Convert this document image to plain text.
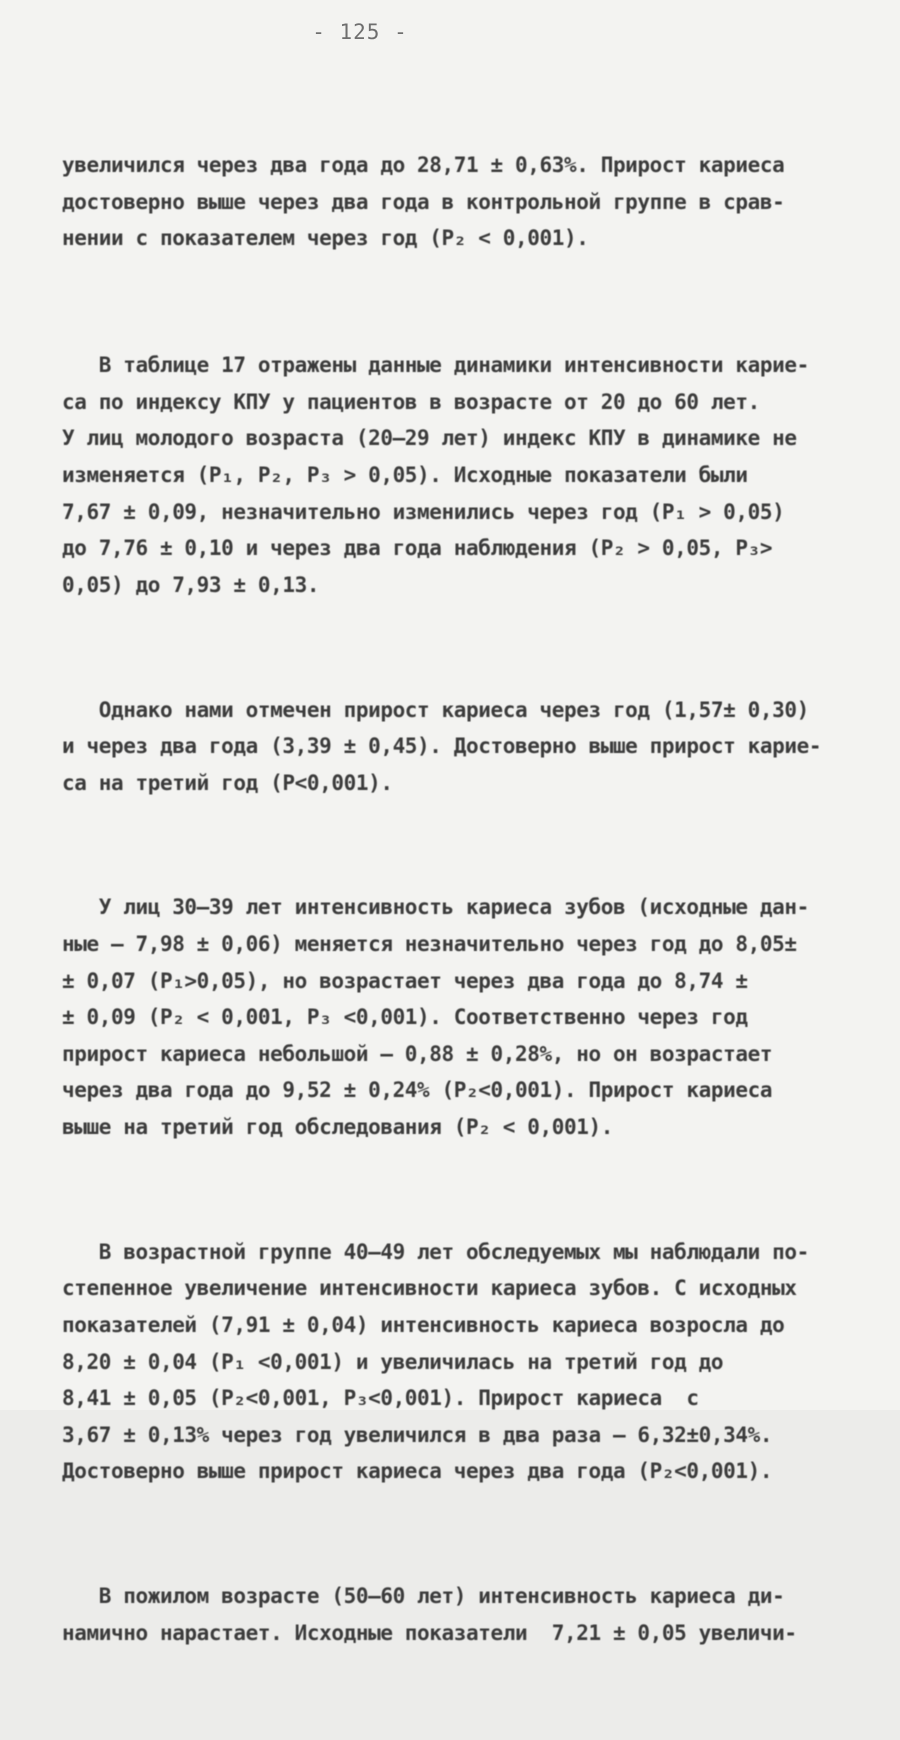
- 125 -

увеличился через два года до 28,71 ± 0,63%. Прирост кариеса
достоверно выше через два года в контрольной группе в срав-
нении с показателем через год (P₂ < 0,001).

В таблице 17 отражены данные динамики интенсивности карие-
са по индексу КПУ у пациентов в возрасте от 20 до 60 лет.
У лиц молодого возраста (20–29 лет) индекс КПУ в динамике не
изменяется (P₁, P₂, P₃ > 0,05). Исходные показатели были
7,67 ± 0,09, незначительно изменились через год (P₁ > 0,05)
до 7,76 ± 0,10 и через два года наблюдения (P₂ > 0,05, P₃>
0,05) до 7,93 ± 0,13.

Однако нами отмечен прирост кариеса через год (1,57± 0,30)
и через два года (3,39 ± 0,45). Достоверно выше прирост карие-
са на третий год (P<0,001).

У лиц 30–39 лет интенсивность кариеса зубов (исходные дан-
ные – 7,98 ± 0,06) меняется незначительно через год до 8,05±
± 0,07 (P₁>0,05), но возрастает через два года до 8,74 ±
± 0,09 (P₂ < 0,001, P₃ <0,001). Соответственно через год
прирост кариеса небольшой – 0,88 ± 0,28%, но он возрастает
через два года до 9,52 ± 0,24% (P₂<0,001). Прирост кариеса
выше на третий год обследования (P₂ < 0,001).

В возрастной группе 40–49 лет обследуемых мы наблюдали по-
степенное увеличение интенсивности кариеса зубов. С исходных
показателей (7,91 ± 0,04) интенсивность кариеса возросла до
8,20 ± 0,04 (P₁ <0,001) и увеличилась на третий год до
8,41 ± 0,05 (P₂<0,001, P₃<0,001). Прирост кариеса  с
3,67 ± 0,13% через год увеличился в два раза – 6,32±0,34%.
Достоверно выше прирост кариеса через два года (P₂<0,001).

В пожилом возрасте (50–60 лет) интенсивность кариеса ди-
намично нарастает. Исходные показатели  7,21 ± 0,05 увеличи-
